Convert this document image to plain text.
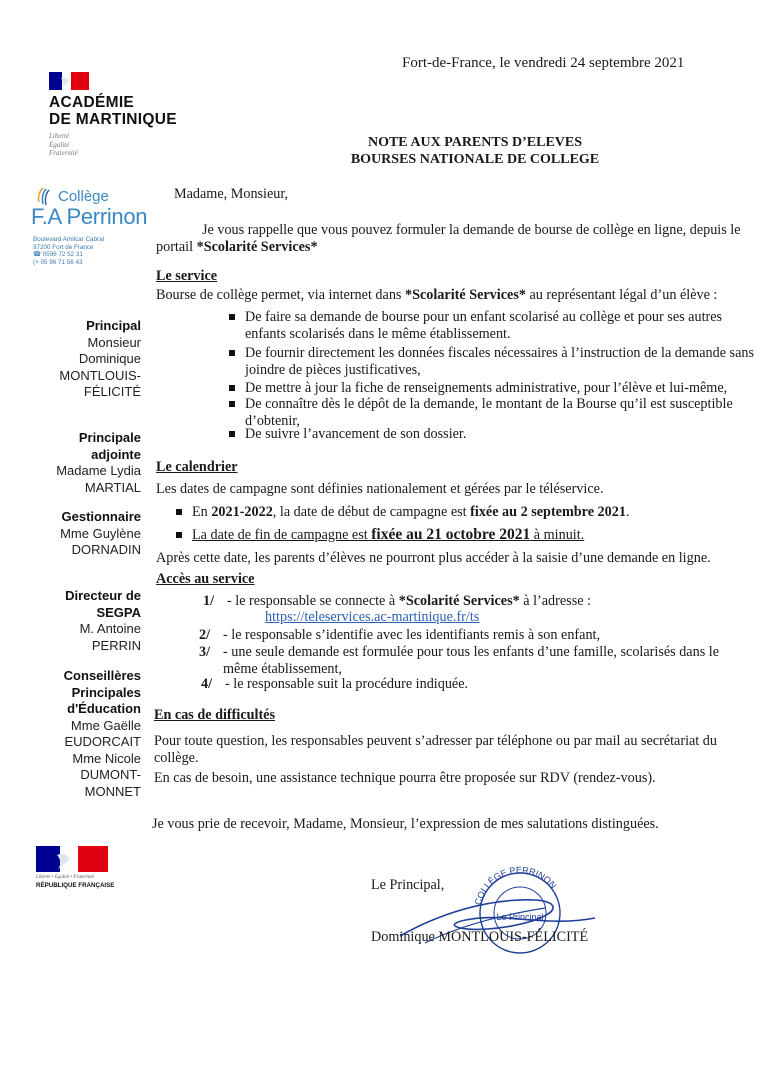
ACADÉMIE
DE MARTINIQUE
Liberté
Égalité
Fraternité
Collège
F.A Perrinon
Boulevard Amilcar Cabral
97200 Fort de France
☎ 0596 72 52 31
(+ 05 96 71 56 43
Principal
Monsieur
Dominique
MONTLOUIS-
FÉLICITÉ
Principale
adjointe
Madame Lydia
MARTIAL
Gestionnaire
Mme Guylène
DORNADIN
Directeur de
SEGPA
M. Antoine
PERRIN
Conseillères
Principales
d'Éducation
Mme Gaëlle
EUDORCAIT
Mme Nicole
DUMONT-
MONNET
Liberté • Égalité • Fraternité
RÉPUBLIQUE FRANÇAISE
Fort-de-France, le vendredi 24 septembre 2021
NOTE AUX PARENTS D’ELEVES
BOURSES NATIONALE DE COLLEGE
Madame, Monsieur,
Je vous rappelle que vous pouvez formuler la demande de bourse de collège en ligne, depuis le portail *Scolarité Services*
Le service
Bourse de collège permet, via internet dans *Scolarité Services* au représentant légal d’un élève :
De faire sa demande de bourse pour un enfant scolarisé au collège et pour ses autres enfants scolarisés dans le même établissement.
De fournir directement les données fiscales nécessaires à l’instruction de la demande sans joindre de pièces justificatives,
De mettre à jour la fiche de renseignements administrative, pour l’élève et lui-même,
De connaître dès le dépôt de la demande, le montant de la Bourse qu’il est susceptible d’obtenir,
De suivre l’avancement de son dossier.
Le calendrier
Les dates de campagne sont définies nationalement et gérées par le téléservice.
En 2021-2022, la date de début de campagne est fixée au 2 septembre 2021.
La date de fin de campagne est fixée au 21 octobre 2021 à minuit.
Après cette date, les parents d’élèves ne pourront plus accéder à la saisie d’une demande en ligne.
Accès au service
1/ - le responsable se connecte à *Scolarité Services* à l’adresse :
https://teleservices.ac-martinique.fr/ts
2/ - le responsable s’identifie avec les identifiants remis à son enfant,
3/ - une seule demande est formulée pour tous les enfants d’une famille, scolarisés dans le même établissement,
4/ - le responsable suit la procédure indiquée.
En cas de difficultés
Pour toute question, les responsables peuvent s’adresser par téléphone ou par mail au secrétariat du collège.
En cas de besoin, une assistance technique pourra être proposée sur RDV (rendez-vous).
Je vous prie de recevoir, Madame, Monsieur, l’expression de mes salutations distinguées.
Le Principal,
COLLÈGE PERRINON
Le Principal
Dominique MONTLOUIS-FÉLICITÉ
